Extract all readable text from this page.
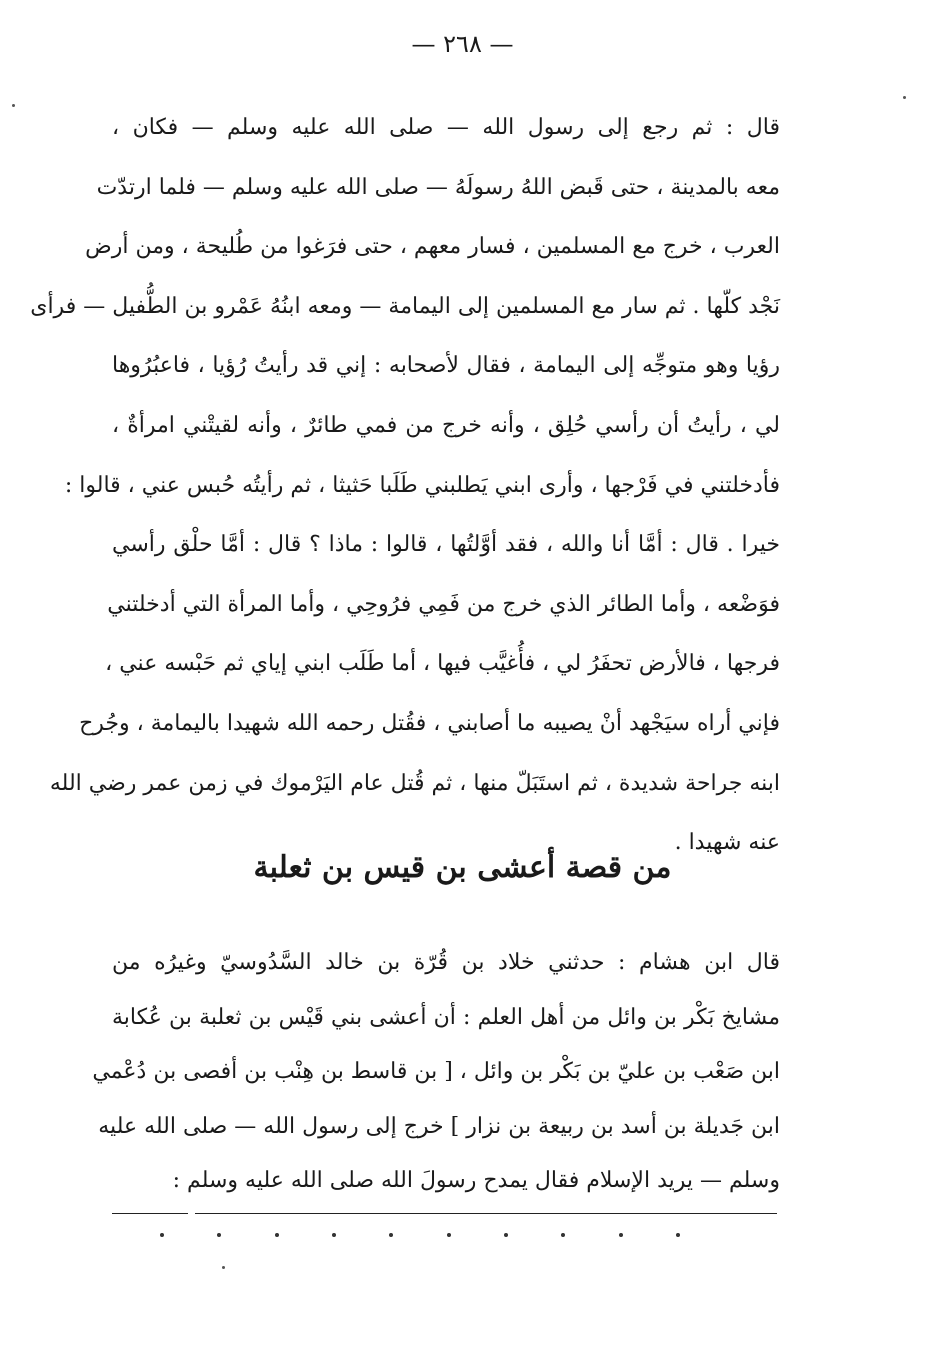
— ٢٦٨ —
قال : ثم رجع إلى رسول الله — صلى الله عليه وسلم — فكان ،
معه بالمدينة ، حتى قَبض اللهُ رسولَهُ — صلى الله عليه وسلم — فلما ارتدّت
العرب ، خرج مع المسلمين ، فسار معهم ، حتى فرَغوا من طُليحة ، ومن أرض
نَجْد كلّها . ثم سار مع المسلمين إلى اليمامة — ومعه ابنُهُ عَمْرو بن الطُّفيل — فرأى
رؤيا وهو متوجِّه إلى اليمامة ، فقال لأصحابه : إني قد رأيتُ رُؤيا ، فاعبُرُوها
لي ، رأيتُ أن رأسي حُلِق ، وأنه خرج من فمي طائرٌ ، وأنه لقيتْني امرأةٌ ،
فأدخلتني في فَرْجها ، وأرى ابني يَطلبني طَلَبا حَثيثا ، ثم رأيتُه حُبس عني ، قالوا :
خيرا . قال : أمَّا أنا والله ، فقد أوَّلتُها ، قالوا : ماذا ؟ قال : أمَّا حلْق رأسي
فوَضْعه ، وأما الطائر الذي خرج من فَمِي فرُوحِي ، وأما المرأة التي أدخلتني
فرجها ، فالأرض تحفَرُ لي ، فأُغيَّب فيها ، أما طَلَب ابني إياي ثم حَبْسه عني ،
فإني أراه سيَجْهد أنْ يصيبه ما أصابني ، فقُتل رحمه الله شهيدا باليمامة ، وجُرح
ابنه جراحة شديدة ، ثم استَبَلّ منها ، ثم قُتل عام اليَرْموك في زمن عمر رضي الله
عنه شهيدا .
من قصة أعشى بن قيس بن ثعلبة
قال ابن هشام : حدثني خلاد بن قُرّة بن خالد السَّدُوسيّ وغيرُه من
مشايخ بَكْر بن وائل من أهل العلم : أن أعشى بني قَيْس بن ثعلبة بن عُكابة
ابن صَعْب بن عليّ بن بَكْر بن وائل ، [ بن قاسط بن هِنْب بن أفصى بن دُعْمي
ابن جَديلة بن أسد بن ربيعة بن نزار ] خرج إلى رسول الله — صلى الله عليه
وسلم — يريد الإسلام فقال يمدح رسولَ الله صلى الله عليه وسلم :
